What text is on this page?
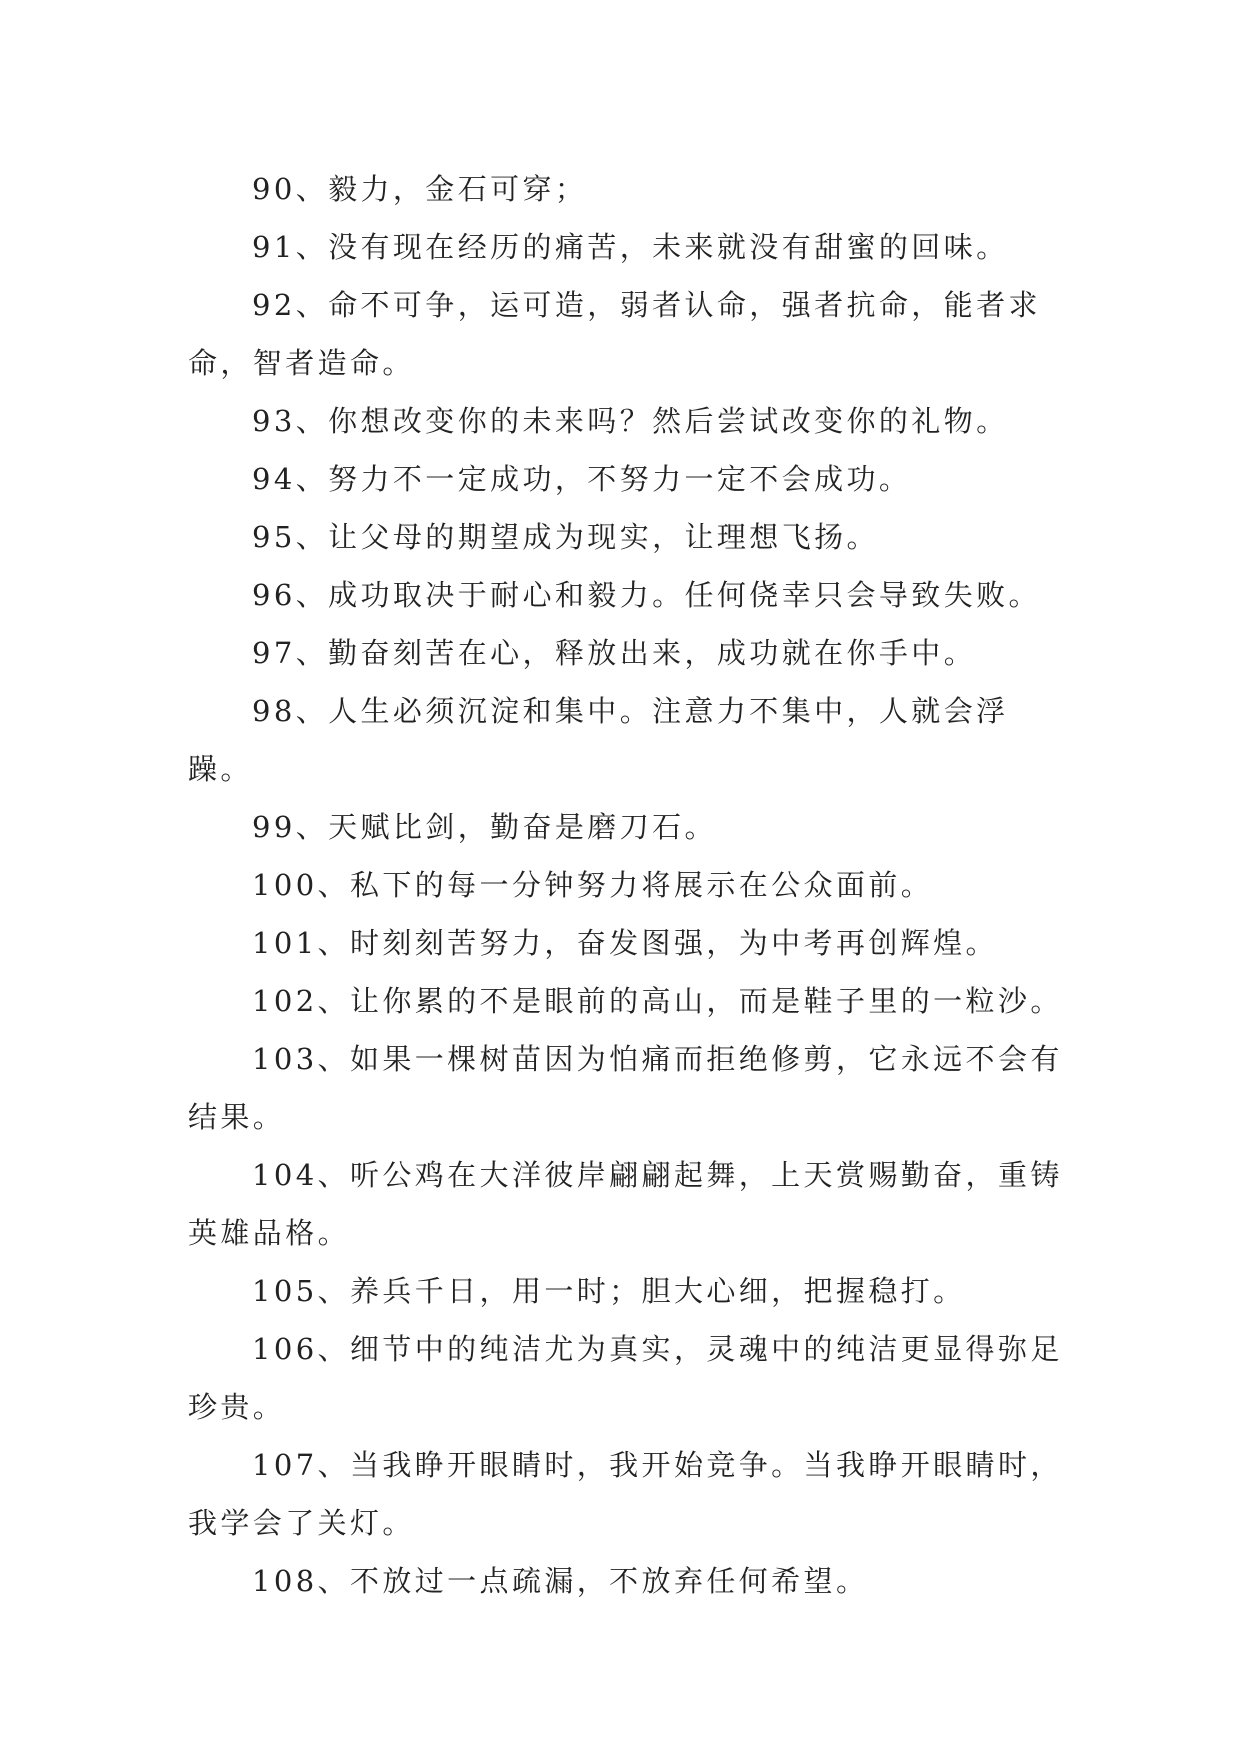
90、毅力，金石可穿；

91、没有现在经历的痛苦，未来就没有甜蜜的回味。

92、命不可争，运可造，弱者认命，强者抗命，能者求命，智者造命。

93、你想改变你的未来吗？然后尝试改变你的礼物。

94、努力不一定成功，不努力一定不会成功。

95、让父母的期望成为现实，让理想飞扬。

96、成功取决于耐心和毅力。任何侥幸只会导致失败。

97、勤奋刻苦在心，释放出来，成功就在你手中。

98、人生必须沉淀和集中。注意力不集中，人就会浮躁。

99、天赋比剑，勤奋是磨刀石。

100、私下的每一分钟努力将展示在公众面前。

101、时刻刻苦努力，奋发图强，为中考再创辉煌。

102、让你累的不是眼前的高山，而是鞋子里的一粒沙。

103、如果一棵树苗因为怕痛而拒绝修剪，它永远不会有结果。

104、听公鸡在大洋彼岸翩翩起舞，上天赏赐勤奋，重铸英雄品格。

105、养兵千日，用一时；胆大心细，把握稳打。

106、细节中的纯洁尤为真实，灵魂中的纯洁更显得弥足珍贵。

107、当我睁开眼睛时，我开始竞争。当我睁开眼睛时，我学会了关灯。

108、不放过一点疏漏，不放弃任何希望。
